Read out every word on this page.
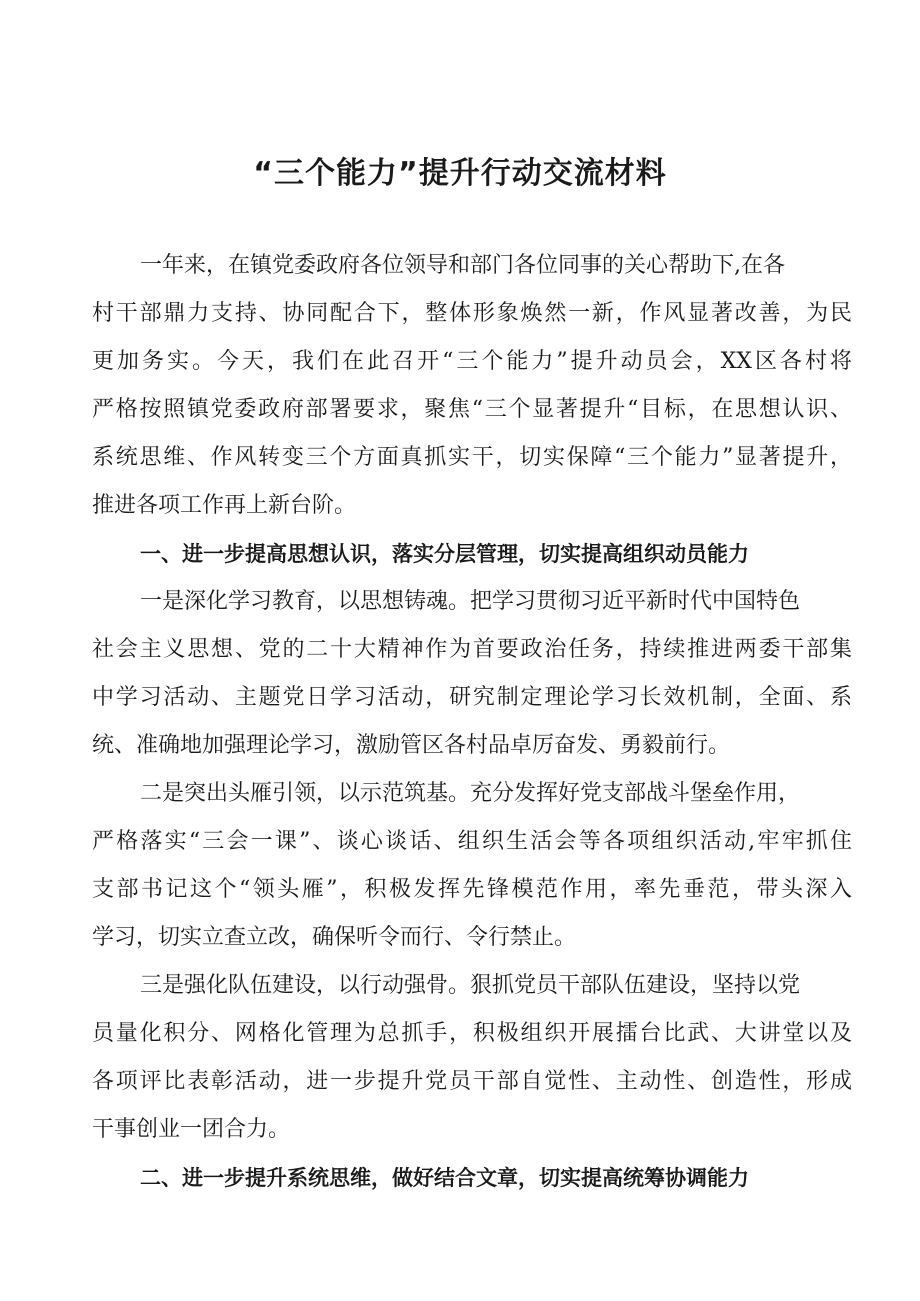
“三个能力”提升行动交流材料
一年来，在镇党委政府各位领导和部门各位同事的关心帮助下,在各
村干部鼎力支持、协同配合下，整体形象焕然一新，作风显著改善，为民
更加务实。今天，我们在此召开“三个能力”提升动员会，XX区各村将
严格按照镇党委政府部署要求，聚焦“三个显著提升“目标，在思想认识、
系统思维、作风转变三个方面真抓实干，切实保障“三个能力”显著提升，
推进各项工作再上新台阶。
一、进一步提高思想认识，落实分层管理，切实提高组织动员能力
一是深化学习教育，以思想铸魂。把学习贯彻习近平新时代中国特色
社会主义思想、党的二十大精神作为首要政治任务，持续推进两委干部集
中学习活动、主题党日学习活动，研究制定理论学习长效机制，全面、系
统、准确地加强理论学习，激励管区各村品卓厉奋发、勇毅前行。
二是突出头雁引领，以示范筑基。充分发挥好党支部战斗堡垒作用，
严格落实“三会一课”、谈心谈话、组织生活会等各项组织活动,牢牢抓住
支部书记这个“领头雁”，积极发挥先锋模范作用，率先垂范，带头深入
学习，切实立查立改，确保听令而行、令行禁止。
三是强化队伍建设，以行动强骨。狠抓党员干部队伍建设，坚持以党
员量化积分、网格化管理为总抓手，积极组织开展擂台比武、大讲堂以及
各项评比表彰活动，进一步提升党员干部自觉性、主动性、创造性，形成
干事创业一团合力。
二、进一步提升系统思维，做好结合文章，切实提高统筹协调能力
